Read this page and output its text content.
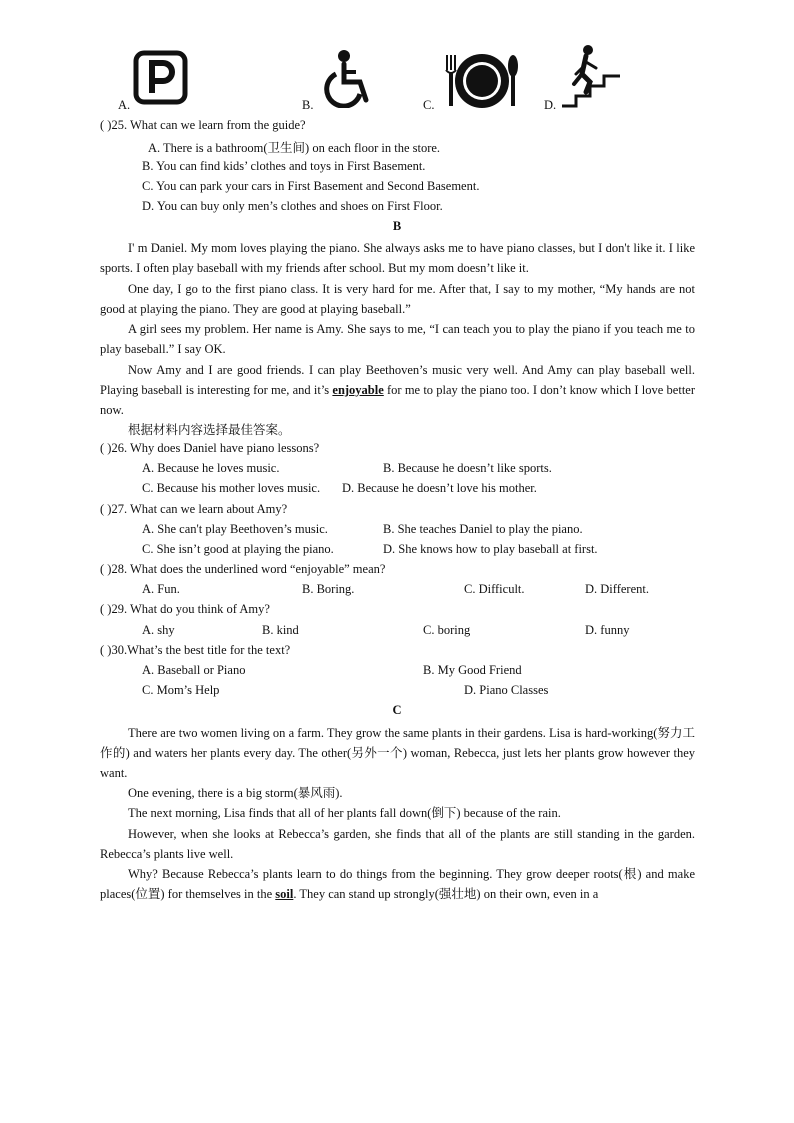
A.	B.	C.	D.
( )25. What can we learn from the guide?
A. There is a bathroom(卫生间) on each floor in the store.
B. You can find kids’ clothes and toys in First Basement.
C. You can park your cars in First Basement and Second Basement.
D. You can buy only men’s clothes and shoes on First Floor.
B
I' m Daniel. My mom loves playing the piano. She always asks me to have piano classes, but I don't like it. I like sports. I often play baseball with my friends after school. But my mom doesn’t like it.
One day, I go to the first piano class. It is very hard for me. After that, I say to my mother, “My hands are not good at playing the piano. They are good at playing baseball.”
A girl sees my problem. Her name is Amy. She says to me, “I can teach you to play the piano if you teach me to play baseball.” I say OK.
Now Amy and I are good friends. I can play Beethoven’s music very well. And Amy can play baseball well. Playing baseball is interesting for me, and it’s enjoyable for me to play the piano too. I don’t know which I love better now.
根据材料内容选择最佳答案。
( )26. Why does Daniel have piano lessons?
A. Because he loves music.	B. Because he doesn’t like sports.
C. Because his mother loves music. D. Because he doesn’t love his mother.
( )27. What can we learn about Amy?
A. She can't play Beethoven’s music.	B. She teaches Daniel to play the piano.
C. She isn’t good at playing the piano.	D. She knows how to play baseball at first.
( )28. What does the underlined word “enjoyable” mean?
A. Fun.	B. Boring.	C. Difficult.	D. Different.
( )29. What do you think of Amy?
A. shy	B. kind	C. boring	D. funny
( )30.What’s the best title for the text?
A. Baseball or Piano	B. My Good Friend
C. Mom’s Help	D. Piano Classes
C
There are two women living on a farm. They grow the same plants in their gardens. Lisa is hard-working(努力工作的) and waters her plants every day. The other(另外一个) woman, Rebecca, just lets her plants grow however they want.
One evening, there is a big storm(暴风雨).
The next morning, Lisa finds that all of her plants fall down(倒下) because of the rain.
However, when she looks at Rebecca’s garden, she finds that all of the plants are still standing in the garden. Rebecca’s plants live well.
Why? Because Rebecca’s plants learn to do things from the beginning. They grow deeper roots(根) and make places(位置) for themselves in the soil. They can stand up strongly(强壮地) on their own, even in a
